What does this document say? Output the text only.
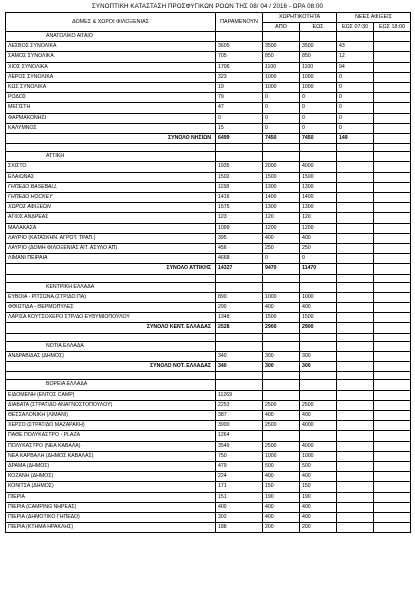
ΣΥΝΟΠΤΙΚΗ ΚΑΤΑΣΤΑΣΗ ΠΡΟΣΦΥΓΙΚΩΝ ΡΟΩΝ ΤΗΣ 08/ 04 / 2016 - ΩΡΑ 08:00
ΔΟΜΕΣ & ΧΩΡΟΙ ΦΙΛΟΞΕΝΙΑΣ	ΠΑΡΑΜΕΝΟΥΝ	ΧΩΡΗΤΙΚΟΤΗΤΑ		ΝΕΕΣ ΑΦΙΞΕΙΣ	
		ΑΠΟ	ΕΩΣ	ΕΩΣ 07:30	ΕΩΣ 18:00
ΑΝΑΤΟΛΙΚΟ ΑΙΓΑΙΟ					
ΛΕΣΒΟΣ ΣΥΝΟΛΙΚΑ	3605	3500	3500	43	
ΣΑΜΟΣ ΣΥΝΟΛΙΚΑ	705	850	850	12	
ΧΙΟΣ ΣΥΝΟΛΙΚΑ	1706	1100	1100	94	
ΛΕΡΟΣ ΣΥΝΟΛΙΚΑ	323	1000	1000	0	
ΚΩΣ ΣΥΝΟΛΙΚΑ	19	1000	1000	0	
ΡΟΔΟΣ	79	0	0	0	
ΜΕΓΙΣΤΗ	47	0	0	0	
ΦΑΡΜΑΚΟΝΗΣΙ	0	0	0	0	
ΚΑΛΥΜΝΟΣ	15	0	0	0	
ΣΥΝΟΛΟ ΝΗΣΙΩΝ	6499	7450	7450	149	

ΑΤΤΙΚΗ					
ΣΧΙΣΤΟ	1935	2000	4000		
ΕΛΑΙΩΝΑΣ	1502	1500	1500		
ΓΗΠΕΔΟ BASEBALL	1158	1300	1300		
ΓΗΠΕΔΟ HOCKEY	1416	1400	1400		
ΧΩΡΟΣ ΑΦΙΞΕΩΝ	1575	1300	1300		
ΑΓΙΟΣ ΑΝΔΡΕΑΣ	123	120	120		
ΜΑΛΑΚΑΣΑ	1099	1200	1200		
ΛΑΥΡΙΟ (ΚΑΤΑΣΚΗΝ. ΑΓΡΟΤ. ΤΡΑΠ.)	395	400	400		
ΛΑΥΡΙΟ (ΔΟΜΗ ΦΙΛΟΞΕΝΙΑΣ ΑΙΤ. ΑΣΥΛΟ ΑΠ)	456	250	250		
ΛΙΜΑΝΙ ΠΕΙΡΑΙΑ	4668	0	0		
ΣΥΝΟΛΟ ΑΤΤΙΚΗΣ	14327	9470	11470		

ΚΕΝΤΡΙΚΗ ΕΛΛΑΔΑ					
ΕΥΒΟΙΑ - ΡΙΤΣΩΝΑ (ΣΤΡ/ΔΟ ΠΑ)	890	1000	1000		
ΦΘΙΩΤΙΔΑ - ΘΕΡΜΟΠΥΛΕΣ	290	400	400		
ΛΑΡΙΣΑ ΚΟΥΤΣΟΧΕΡΟ ΣΤΡ/ΔΟ ΕΥΘΥΜΙΟΠΟΥΛΟΥ	1348	1500	1500		
ΣΥΝΟΛΟ ΚΕΝΤ. ΕΛΛΑΔΑΣ	2528	2900	2900		

ΝΟΤΙΑ ΕΛΛΑΔΑ					
ΑΝΔΡΑΒΙΔΑΣ (ΔΗΜΟΣ)	340	300	300		
ΣΥΝΟΛΟ ΝΟΤ. ΕΛΛΑΔΑΣ	340	300	300		

ΒΟΡΕΙΑ ΕΛΛΑΔΑ					
ΕΙΔΟΜΕΝΗ (ΕΝΤΟΣ CAMP)	11269				
ΔΙΑΒΑΤΑ (ΣΤΡΑΤ/ΔΟ ΑΝΑΓΝΩΣΤΟΠΟΥΛΟΥ)	2253	2500	2500		
ΘΕΣΣΑΛΟΝΙΚΗ (ΛΙΜΑΝΙ)	387	400	400		
ΧΕΡΣΟ (ΣΤΡΑΤ/ΔΟ ΜΑΖΑΡΑΚΗ)	3900	2500	4000		
ΠΑΘΕ ΠΟΛΥΚΑΣΤΡΟ - PLAZA	1264				
ΠΟΛΥΚΑΣΤΡΟ (ΝΕΑ ΚΑΒΑΛΑ)	3549	2500	4000		
ΝΕΑ ΚΑΡΒΑΛΗ (ΔΗΜΟΣ ΚΑΒΑΛΑΣ)	750	1000	1000		
ΔΡΑΜΑ (ΔΗΜΟΣ)	479	500	500		
ΚΟΖΑΝΗ (ΔΗΜΟΣ)	224	400	400		
ΚΟΝΙΤΣΑ (ΔΗΜΟΣ)	171	150	150		
ΠΙΕΡΙΑ	151	190	190		
ΠΙΕΡΙΑ (CAMPING ΝΗΡΕΑΣ)	400	400	400		
ΠΙΕΡΙΑ (ΔΗΜΟΤΙΚΟ ΓΗΠΕΔΟ)	302	400	400		
ΠΙΕΡΙΑ (ΚΤΗΜΑ ΗΡΑΚΛΗΣ)	188	200	200		
